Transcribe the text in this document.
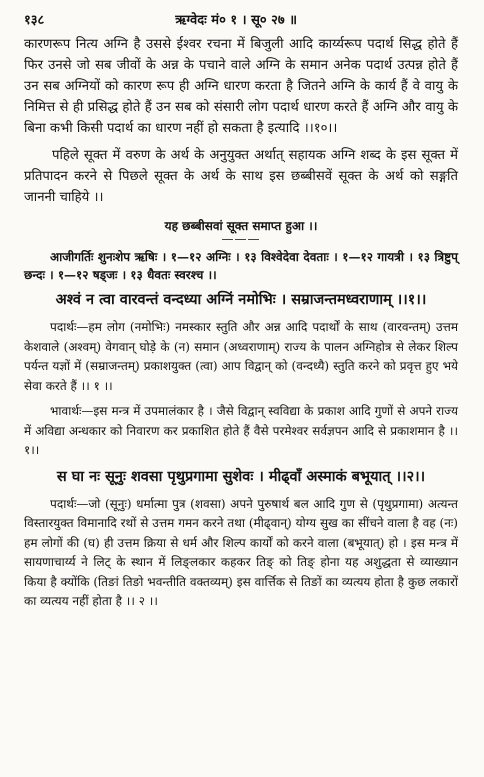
१३८	ऋग्वेदः मं० १ । सू० २७ ॥

कारणरूप नित्य अग्नि है उससे ईश्वर रचना में बिजुली आदि कार्य्यरूप पदार्थ सिद्ध होते हैं फिर उनसे जो सब जीवों के अन्न के पचाने वाले अग्नि के समान अनेक पदार्थ उत्पन्न होते हैं उन सब अग्नियों को कारण रूप ही अग्नि धारण करता है जितने अग्नि के कार्य हैं वे वायु के निमित्त से ही प्रसिद्ध होते हैं उन सब को संसारी लोग पदार्थ धारण करते हैं अग्नि और वायु के बिना कभी किसी पदार्थ का धारण नहीं हो सकता है इत्यादि ।।१०।।

पहिले सूक्त में वरुण के अर्थ के अनुयुक्त अर्थात् सहायक अग्नि शब्द के इस सूक्त में प्रतिपादन करने से पिछले सूक्त के अर्थ के साथ इस छब्बीसवें सूक्त के अर्थ को सङ्गति जाननी चाहिये ।।

यह छब्बीसवां सूक्त समाप्त हुआ ।।
———
आजीगर्तिः शुनःशेप ऋषिः । १—१२ अग्निः । १३ विश्वेदेवा देवताः । १—१२ गायत्री । १३ त्रिष्टुप् छन्दः । १—१२ षड्जः । १३ धैवतः स्वरश्च ।।
अश्वं न त्वा वारवन्तं वन्दध्या अग्निं नमोभिः । सम्राजन्तमध्वराणाम् ।।१।।

पदार्थः—हम लोग (नमोभिः) नमस्कार स्तुति और अन्न आदि पदार्थों के साथ (वारवन्तम्) उत्तम केशवाले (अश्वम्) वेगवान् घोड़े के (न) समान (अध्वराणाम्) राज्य के पालन अग्निहोत्र से लेकर शिल्प पर्यन्त यज्ञों में (सम्राजन्तम्) प्रकाशयुक्त (त्वा) आप विद्वान् को (वन्दध्यै) स्तुति करने को प्रवृत्त हुए भये सेवा करते हैं ।। १ ।।

भावार्थः—इस मन्त्र में उपमालंकार है । जैसे विद्वान् स्वविद्या के प्रकाश आदि गुणों से अपने राज्य में अविद्या अन्धकार को निवारण कर प्रकाशित होते हैं वैसे परमेश्वर सर्वज्ञपन आदि से प्रकाशमान है ।।१।।

स घा नः सूनुः शवसा पृथुप्रगामा सुशेवः । मीढ्वाँ अस्माकं बभूयात् ।।२।।

पदार्थः—जो (सूनुः) धर्मात्मा पुत्र (शवसा) अपने पुरुषार्थ बल आदि गुण से (पृथुप्रगामा) अत्यन्त विस्तारयुक्त विमानादि रथों से उत्तम गमन करने तथा (मीढ्वान्) योग्य सुख का सींचने वाला है वह (नः) हम लोगों की (घ) ही उत्तम क्रिया से धर्म और शिल्प कार्यों को करने वाला (बभूयात्) हो । इस मन्त्र में सायणाचार्य्य ने लिट् के स्थान में लिङ्लकार कहकर तिङ् को तिङ् होना यह अशुद्धता से व्याख्यान किया है क्योंकि (तिङां तिङो भवन्तीति वक्तव्यम्) इस वार्त्तिक से तिङों का व्यत्यय होता है कुछ लकारों का व्यत्यय नहीं होता है ।। २ ।।
